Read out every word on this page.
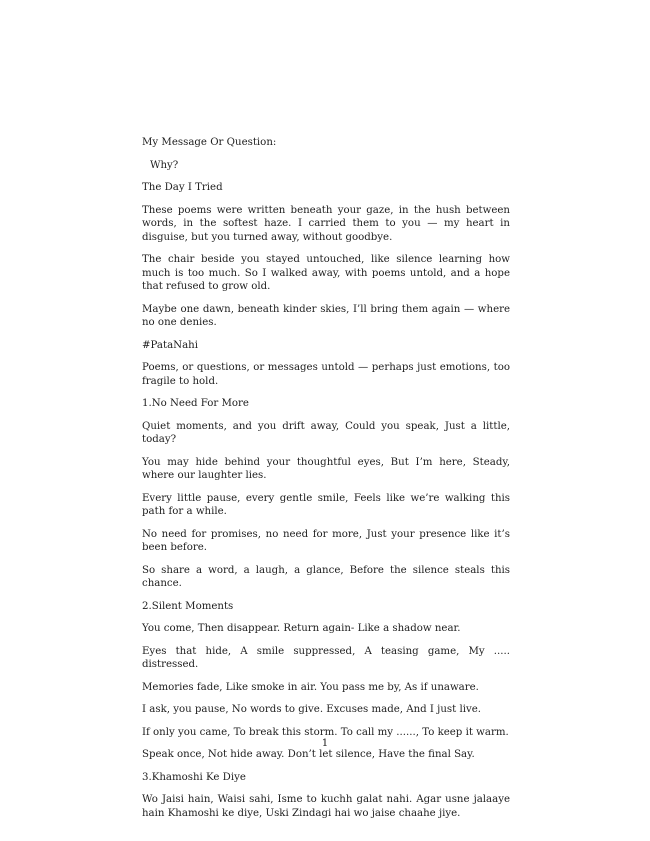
My Message Or Question:

Why?

The Day I Tried

These poems were written beneath your gaze, in the hush between words, in the softest haze. I carried them to you — my heart in disguise, but you turned away, without goodbye.

The chair beside you stayed untouched, like silence learning how much is too much. So I walked away, with poems untold, and a hope that refused to grow old.

Maybe one dawn, beneath kinder skies, I’ll bring them again — where no one denies.

#PataNahi

Poems, or questions, or messages untold — perhaps just emotions, too fragile to hold.

1.No Need For More

Quiet moments, and you drift away, Could you speak, Just a little, today?

You may hide behind your thoughtful eyes, But I’m here, Steady, where our laughter lies.

Every little pause, every gentle smile, Feels like we’re walking this path for a while.

No need for promises, no need for more, Just your presence like it’s been before.

So share a word, a laugh, a glance, Before the silence steals this chance.

2.Silent Moments

You come, Then disappear. Return again- Like a shadow near.

Eyes that hide, A smile suppressed, A teasing game, My ..... distressed.

Memories fade, Like smoke in air. You pass me by, As if unaware.

I ask, you pause, No words to give. Excuses made, And I just live.

If only you came, To break this storm. To call my ......, To keep it warm.

Speak once, Not hide away. Don’t let silence, Have the final Say.

3.Khamoshi Ke Diye

Wo Jaisi hain, Waisi sahi, Isme to kuchh galat nahi. Agar usne jalaaye hain Khamoshi ke diye, Uski Zindagi hai wo jaise chaahe jiye.

1
